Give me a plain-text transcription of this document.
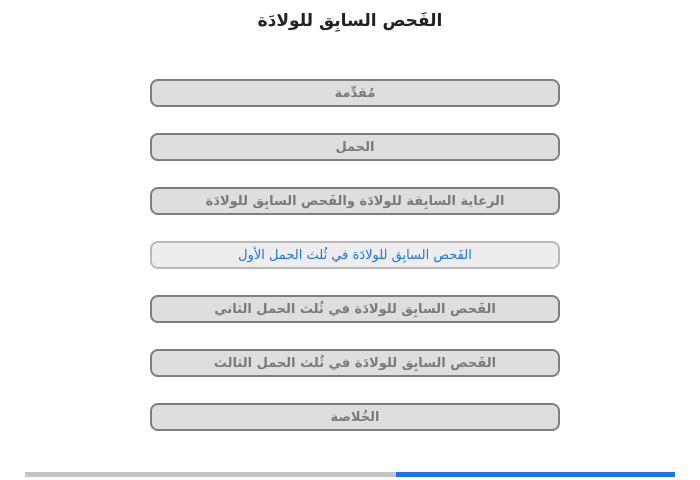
الفَحص السابِق للولادَة
مُقدِّمة
الحمل
الرعاية السابِقة للولادَة والفَحص السابِق للولادَة
الفَحص السابِق للولادَة في ثُلث الحمل الأول
الفَحص السابِق للولادَة في ثُلث الحمل الثاني
الفَحص السابِق للولادَة في ثُلث الحمل الثالث
الخُلاصة
